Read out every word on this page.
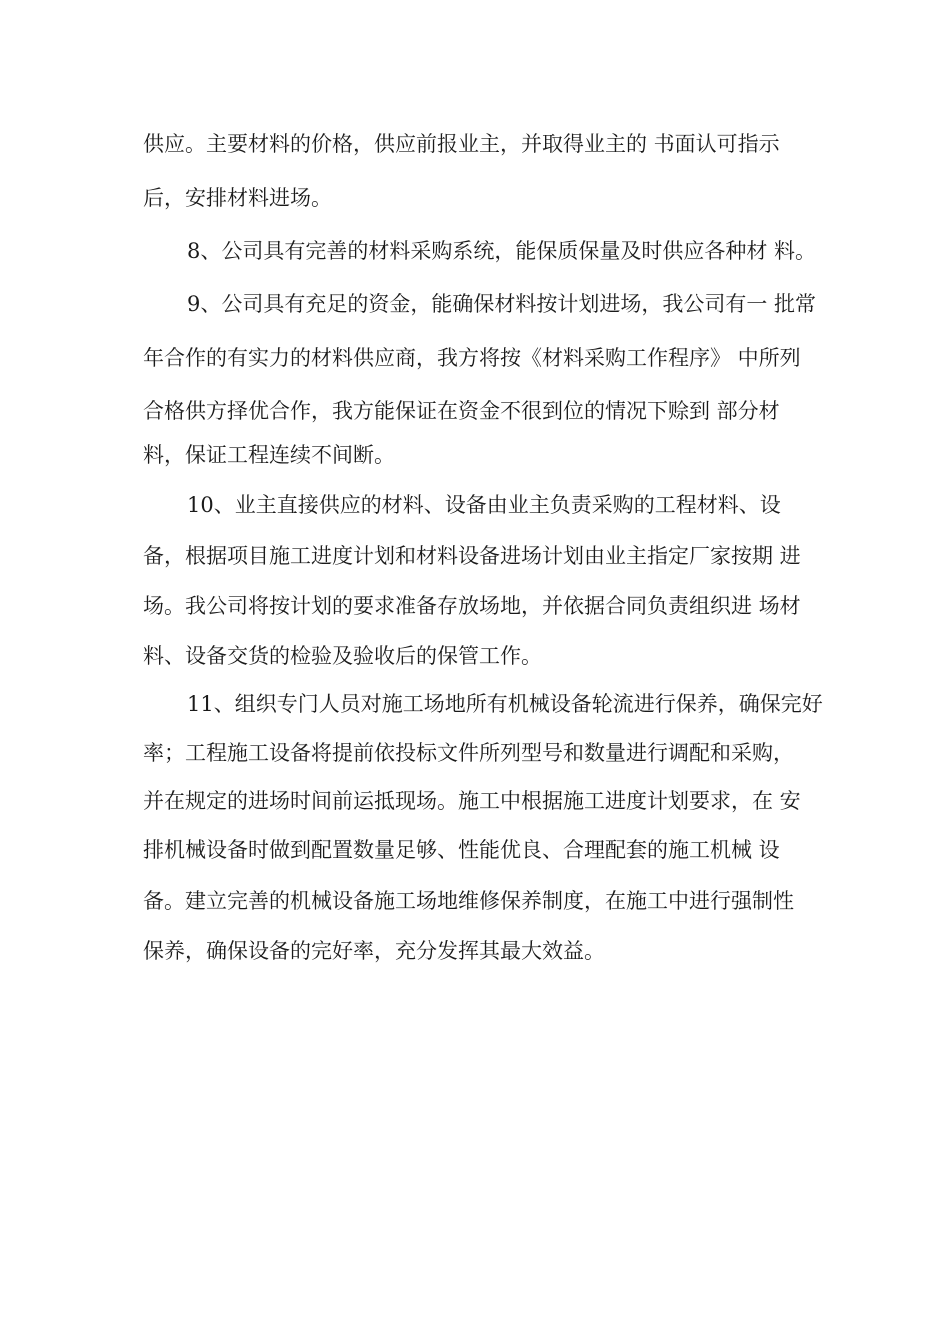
供应。主要材料的价格，供应前报业主，并取得业主的 书面认可指示
后，安排材料进场。
8、公司具有完善的材料采购系统，能保质保量及时供应各种材 料。
9、公司具有充足的资金，能确保材料按计划进场，我公司有一 批常
年合作的有实力的材料供应商，我方将按《材料采购工作程序》 中所列
合格供方择优合作，我方能保证在资金不很到位的情况下赊到 部分材
料，保证工程连续不间断。
10、业主直接供应的材料、设备由业主负责采购的工程材料、设
备，根据项目施工进度计划和材料设备进场计划由业主指定厂家按期 进
场。我公司将按计划的要求准备存放场地，并依据合同负责组织进 场材
料、设备交货的检验及验收后的保管工作。
11、组织专门人员对施工场地所有机械设备轮流进行保养，确保完好
率；工程施工设备将提前依投标文件所列型号和数量进行调配和采购，
并在规定的进场时间前运抵现场。施工中根据施工进度计划要求，在 安
排机械设备时做到配置数量足够、性能优良、合理配套的施工机械 设
备。建立完善的机械设备施工场地维修保养制度，在施工中进行强制性
保养，确保设备的完好率，充分发挥其最大效益。
